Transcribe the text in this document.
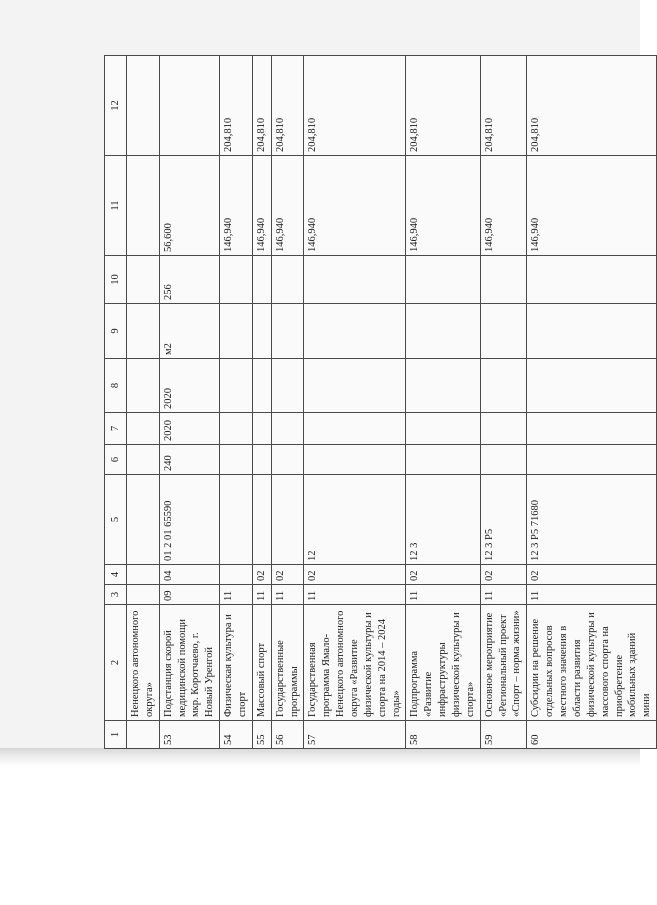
1	2	3	4	5	6	7	8	9	10	11	12
	Ненецкого автономного округа»										
53	Подстанция скорой медицинской помощи мкр. Коротчаево, г. Новый Уренгой	09	04	01 2 01 65590	240	2020	2020	м2	256	56,600	
54	Физическая культура и спорт	11								146,940	204,810
55	Массовый спорт	11	02							146,940	204,810
56	Государственные программы	11	02							146,940	204,810
57	Государственная программа Ямало-Ненецкого автономного округа «Развитие физической культуры и спорта на 2014 – 2024 годы»	11	02	12						146,940	204,810
58	Подпрограмма «Развитие инфраструктуры физической культуры и спорта»	11	02	12 3						146,940	204,810
59	Основное мероприятие «Региональный проект «Спорт – норма жизни»	11	02	12 3 P5						146,940	204,810
60	Субсидии на решение отдельных вопросов местного значения в области развития физической культуры и массового спорта на приобретение мобильных зданий мини	11	02	12 3 P5 71680						146,940	204,810
